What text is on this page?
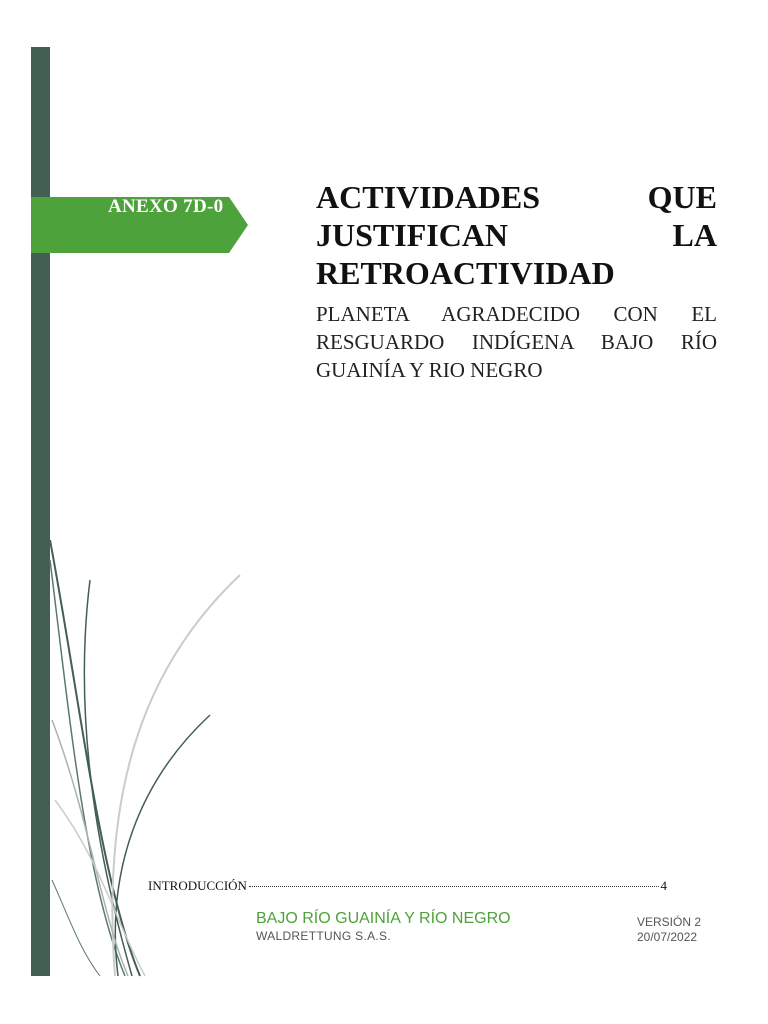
ANEXO 7D-0	ACTIVIDADES QUE JUSTIFICAN LA RETROACTIVIDAD

PLANETA AGRADECIDO CON EL RESGUARDO INDÍGENA BAJO RÍO GUAINÍA Y RIO NEGRO

INTRODUCCIÓN	4
BAJO RÍO GUAINÍA Y RÍO NEGRO
WALDRETTUNG S.A.S.
VERSIÓN 2
20/07/2022
